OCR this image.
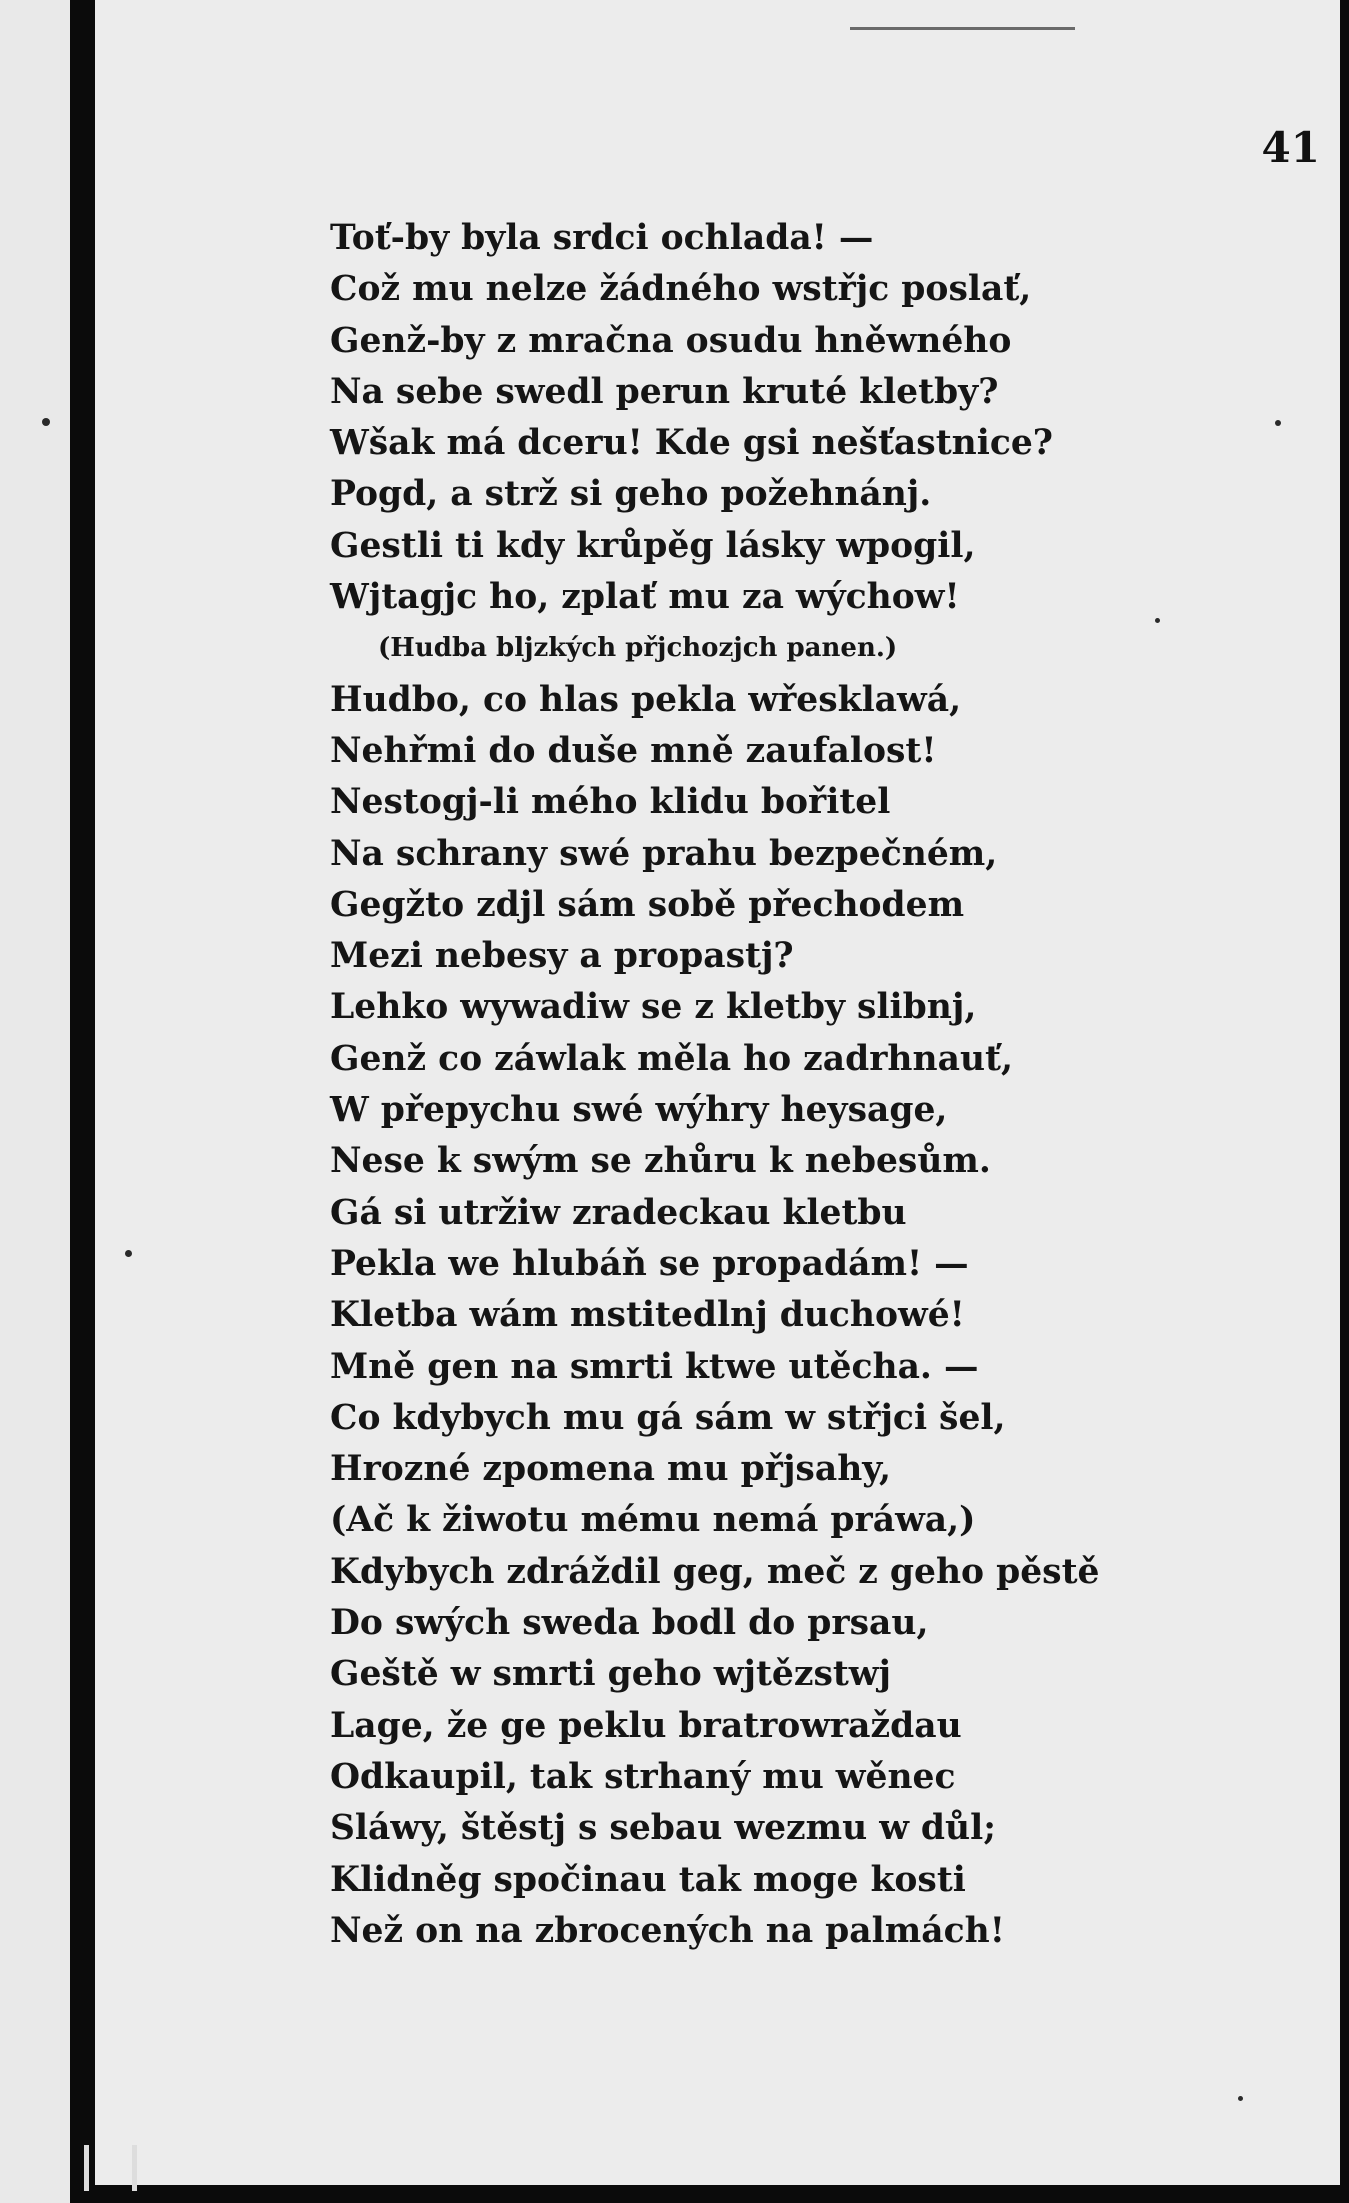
41
Toť-by byla srdci ochlada! —
Což mu nelze žádného wstřjc poslať,
Genž-by z mračna osudu hněwného
Na sebe swedl perun kruté kletby?
Wšak má dceru! Kde gsi nešťastnice?
Pogd, a strž si geho požehnánj.
Gestli ti kdy krůpěg lásky wpogil,
Wjtagjc ho, zplať mu za wýchow!
(Hudba bljzkých přjchozjch panen.)
Hudbo, co hlas pekla wřesklawá,
Nehřmi do duše mně zaufalost!
Nestogj-li mého klidu bořitel
Na schrany swé prahu bezpečném,
Gegžto zdjl sám sobě přechodem
Mezi nebesy a propastj?
Lehko wywadiw se z kletby slibnj,
Genž co záwlak měla ho zadrhnauť,
W přepychu swé wýhry heysage,
Nese k swým se zhůru k nebesům.
Gá si utržiw zradeckau kletbu
Pekla we hlubáň se propadám! —
Kletba wám mstitedlnj duchowé!
Mně gen na smrti ktwe utěcha. —
Co kdybych mu gá sám w střjci šel,
Hrozné zpomena mu přjsahy,
(Ač k žiwotu mému nemá práwa,)
Kdybych zdráždil geg, meč z geho pěstě
Do swých sweda bodl do prsau,
Geště w smrti geho wjtězstwj
Lage, že ge peklu bratrowraždau
Odkaupil, tak strhaný mu wěnec
Sláwy, štěstj s sebau wezmu w důl;
Klidněg spočinau tak moge kosti
Než on na zbrocených na palmách!
